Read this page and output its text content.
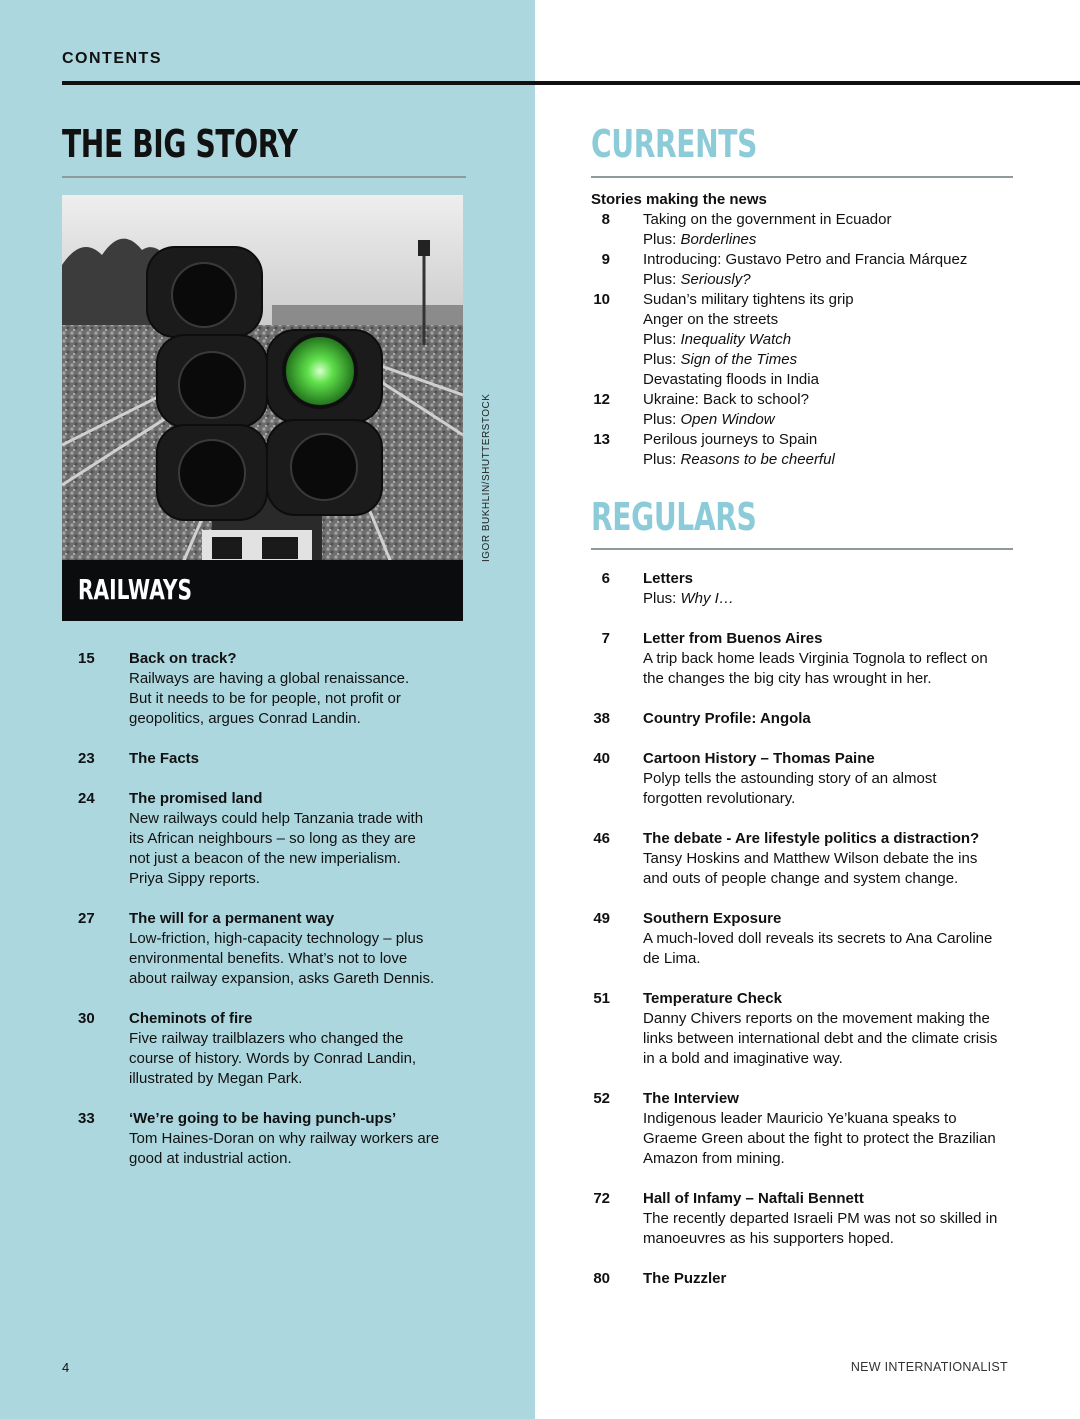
CONTENTS
THE BIG STORY
RAILWAYS
IGOR BUKHLIN/SHUTTERSTOCK
15 Back on track?
Railways are having a global renaissance.
But it needs to be for people, not profit or
geopolitics, argues Conrad Landin.
23 The Facts
24 The promised land
New railways could help Tanzania trade with
its African neighbours – so long as they are
not just a beacon of the new imperialism.
Priya Sippy reports.
27 The will for a permanent way
Low-friction, high-capacity technology – plus
environmental benefits. What’s not to love
about railway expansion, asks Gareth Dennis.
30 Cheminots of fire
Five railway trailblazers who changed the
course of history. Words by Conrad Landin,
illustrated by Megan Park.
33 ‘We’re going to be having punch-ups’
Tom Haines-Doran on why railway workers are
good at industrial action.
CURRENTS
Stories making the news
8 Taking on the government in Ecuador
Plus: Borderlines
9 Introducing: Gustavo Petro and Francia Márquez
Plus: Seriously?
10 Sudan’s military tightens its grip
Anger on the streets
Plus: Inequality Watch
Plus: Sign of the Times
Devastating floods in India
12 Ukraine: Back to school?
Plus: Open Window
13 Perilous journeys to Spain
Plus: Reasons to be cheerful
REGULARS
6 Letters
Plus: Why I…
7 Letter from Buenos Aires
A trip back home leads Virginia Tognola to reflect on
the changes the big city has wrought in her.
38 Country Profile: Angola
40 Cartoon History – Thomas Paine
Polyp tells the astounding story of an almost
forgotten revolutionary.
46 The debate - Are lifestyle politics a distraction?
Tansy Hoskins and Matthew Wilson debate the ins
and outs of people change and system change.
49 Southern Exposure
A much-loved doll reveals its secrets to Ana Caroline
de Lima.
51 Temperature Check
Danny Chivers reports on the movement making the
links between international debt and the climate crisis
in a bold and imaginative way.
52 The Interview
Indigenous leader Mauricio Ye’kuana speaks to
Graeme Green about the fight to protect the Brazilian
Amazon from mining.
72 Hall of Infamy – Naftali Bennett
The recently departed Israeli PM was not so skilled in
manoeuvres as his supporters hoped.
80 The Puzzler
4	NEW INTERNATIONALIST
